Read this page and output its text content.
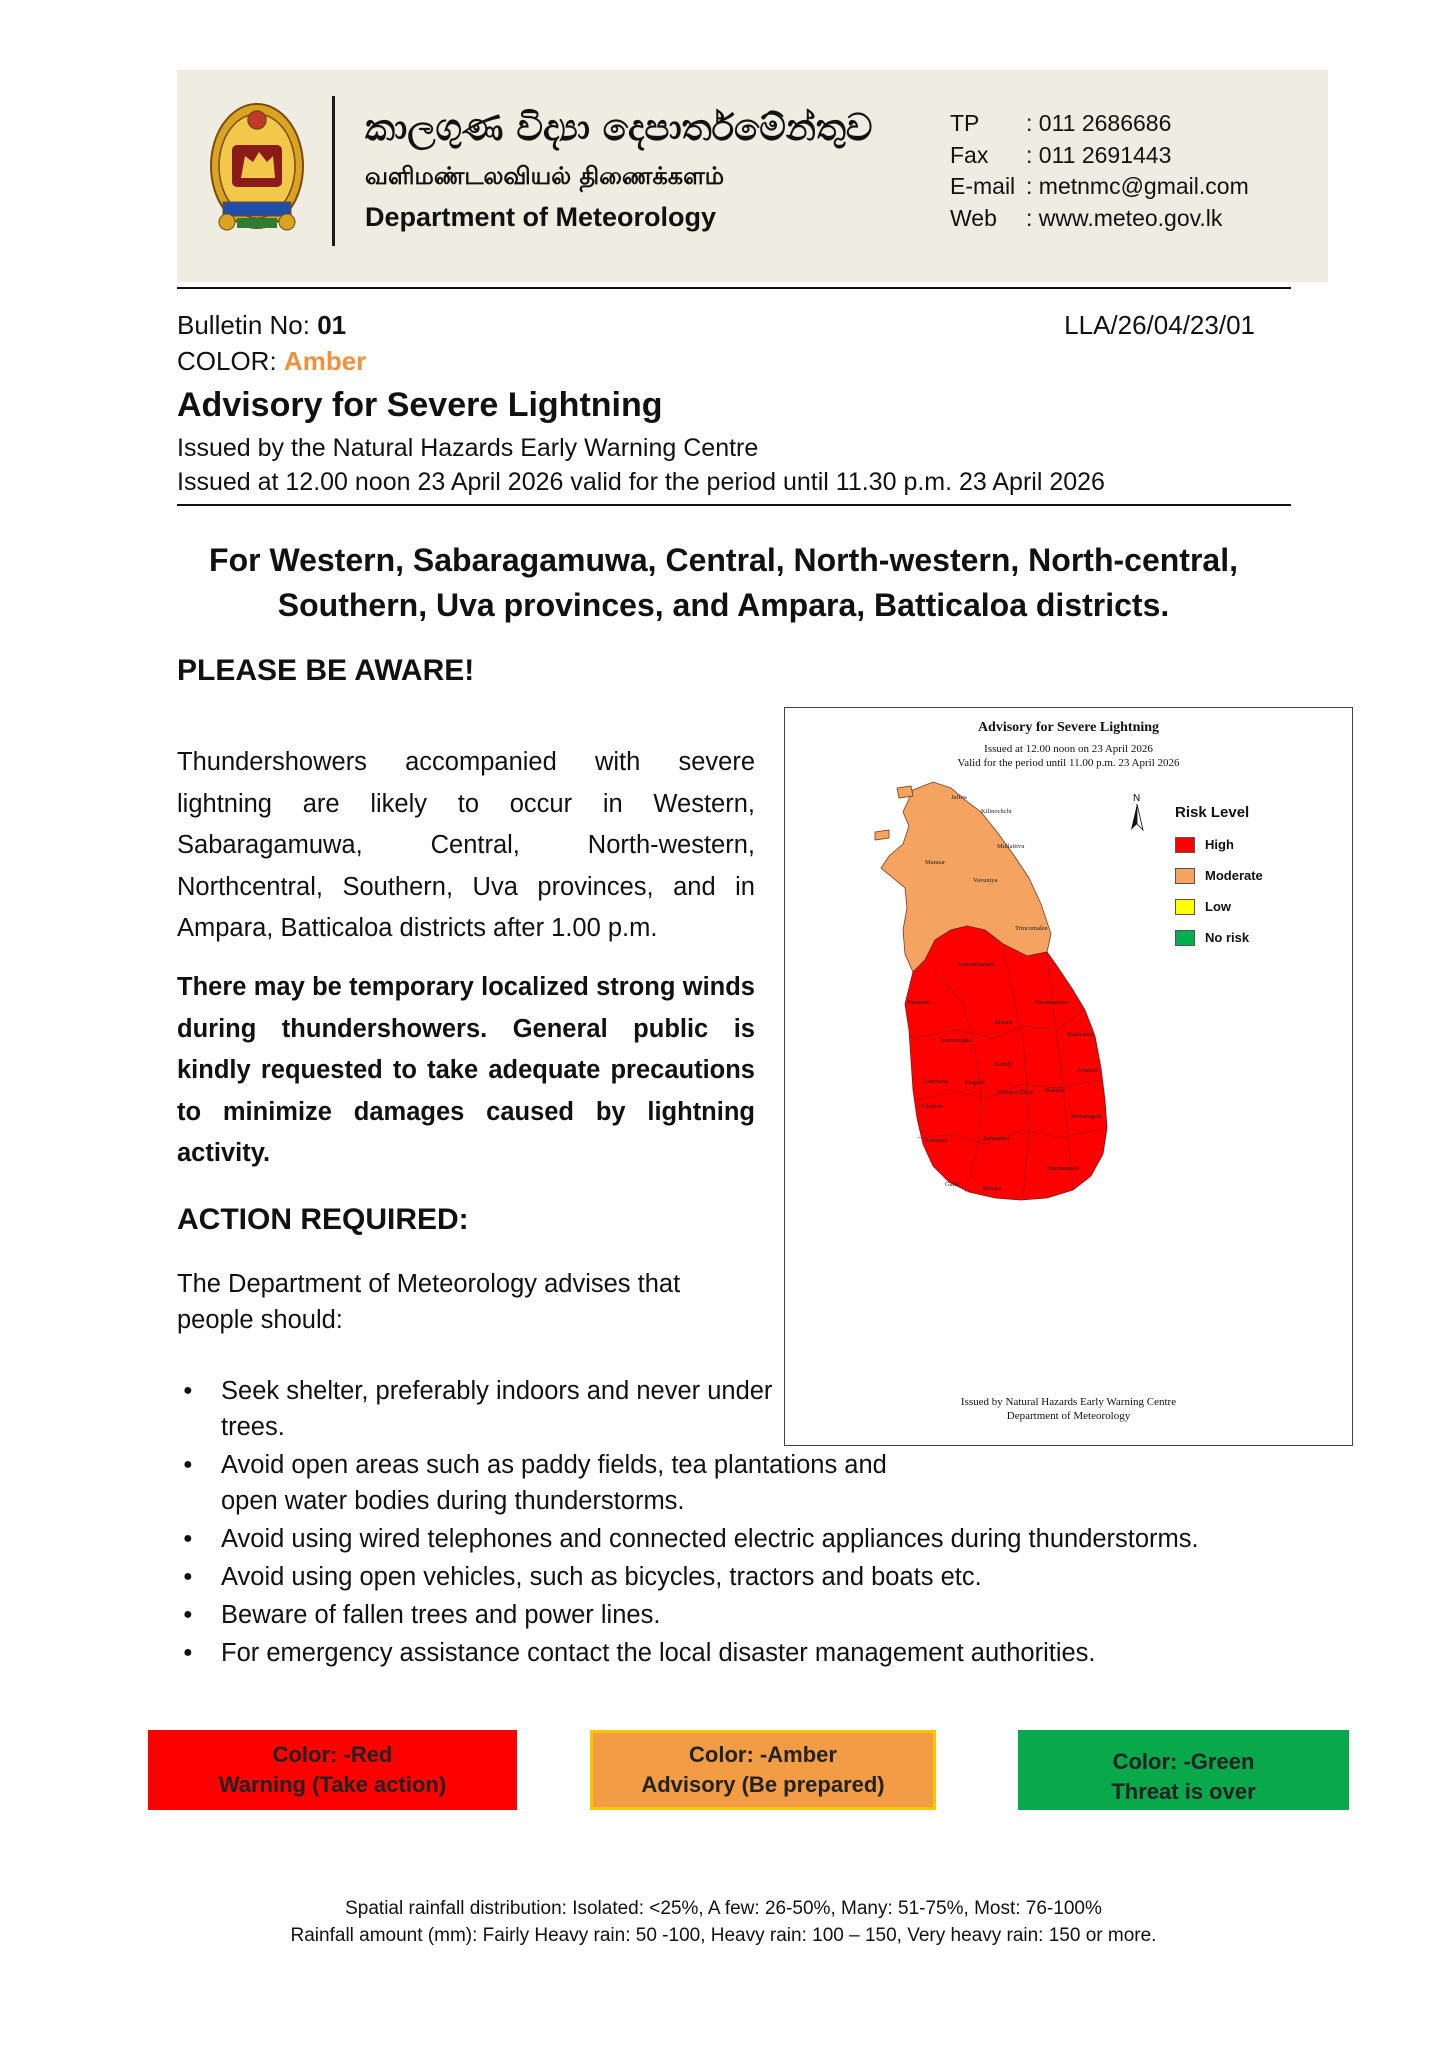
කාලගුණ විද්‍යා දෙපාර්තමේන්තුව
வளிமண்டலவியல் திணைக்களம்
Department of Meteorology
TP	: 011 2686686
Fax	: 011 2691443
E-mail : metnmc@gmail.com
Web	: www.meteo.gov.lk
Bulletin No: 01	LLA/26/04/23/01
COLOR: Amber
Advisory for Severe Lightning
Issued by the Natural Hazards Early Warning Centre
Issued at 12.00 noon 23 April 2026 valid for the period until 11.30 p.m. 23 April 2026
For Western, Sabaragamuwa, Central, North-western, North-central,
Southern, Uva provinces, and Ampara, Batticaloa districts.
PLEASE BE AWARE!
Thundershowers accompanied with severe lightning are likely to occur in Western, Sabaragamuwa, Central, North-western, Northcentral, Southern, Uva provinces, and in Ampara, Batticaloa districts after 1.00 p.m.
There may be temporary localized strong winds during thundershowers. General public is kindly requested to take adequate precautions to minimize damages caused by lightning activity.
ACTION REQUIRED:
The Department of Meteorology advises that people should:
● Seek shelter, preferably indoors and never under trees.
● Avoid open areas such as paddy fields, tea plantations and open water bodies during thunderstorms.
● Avoid using wired telephones and connected electric appliances during thunderstorms.
● Avoid using open vehicles, such as bicycles, tractors and boats etc.
● Beware of fallen trees and power lines.
● For emergency assistance contact the local disaster management authorities.
Advisory for Severe Lightning
Issued at 12.00 noon on 23 April 2026
Valid for the period until 11.00 p.m. 23 April 2026
Jaffna
Kilinochchi
Mullaitivu
Mannar
Vavuniya
Trincomalee
Anuradhapura
Puttalam	Polonnaruwa
Batticaloa
Matale
Kurunegala
Kandy
Ampara
Gampaha	Kegalle
Nuwara Eliya Badulla
Colombo
Monaragala
Kalutara	Ratnapura
Hambantota
Galle
Matara
N
Risk Level
High
Moderate
Low
No risk
Issued by Natural Hazards Early Warning Centre
Department of Meteorology
Color: -Red
Warning (Take action)
Color: -Amber
Advisory (Be prepared)
Color: -Green
Threat is over
Spatial rainfall distribution: Isolated: <25%, A few: 26-50%, Many: 51-75%, Most: 76-100%
Rainfall amount (mm): Fairly Heavy rain: 50 -100, Heavy rain: 100 – 150, Very heavy rain: 150 or more.
